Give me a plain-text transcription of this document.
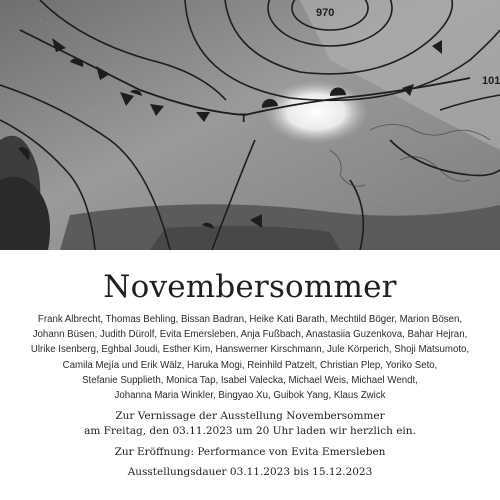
970
101
T
Novembersommer
Frank Albrecht, Thomas Behling, Bissan Badran, Heike Kati Barath, Mechtild Böger, Marion Bösen,
Johann Büsen, Judith Dürolf, Evita Emersleben, Anja Fußbach, Anastasiia Guzenkova, Bahar Hejran,
Ulrike Isenberg, Eghbal Joudi, Esther Kim, Hanswerner Kirschmann, Jule Körperich, Shoji Matsumoto,
Camila Mejía und Erik Wälz, Haruka Mogi, Reinhild Patzelt, Christian Plep, Yoriko Seto,
Stefanie Supplieth, Monica Tap, Isabel Valecka, Michael Weis, Michael Wendt,
Johanna Maria Winkler, Bingyao Xu, Guibok Yang, Klaus Zwick
Zur Vernissage der Ausstellung Novembersommer
am Freitag, den 03.11.2023 um 20 Uhr laden wir herzlich ein.
Zur Eröffnung: Performance von Evita Emersleben
Ausstellungsdauer 03.11.2023 bis 15.12.2023
